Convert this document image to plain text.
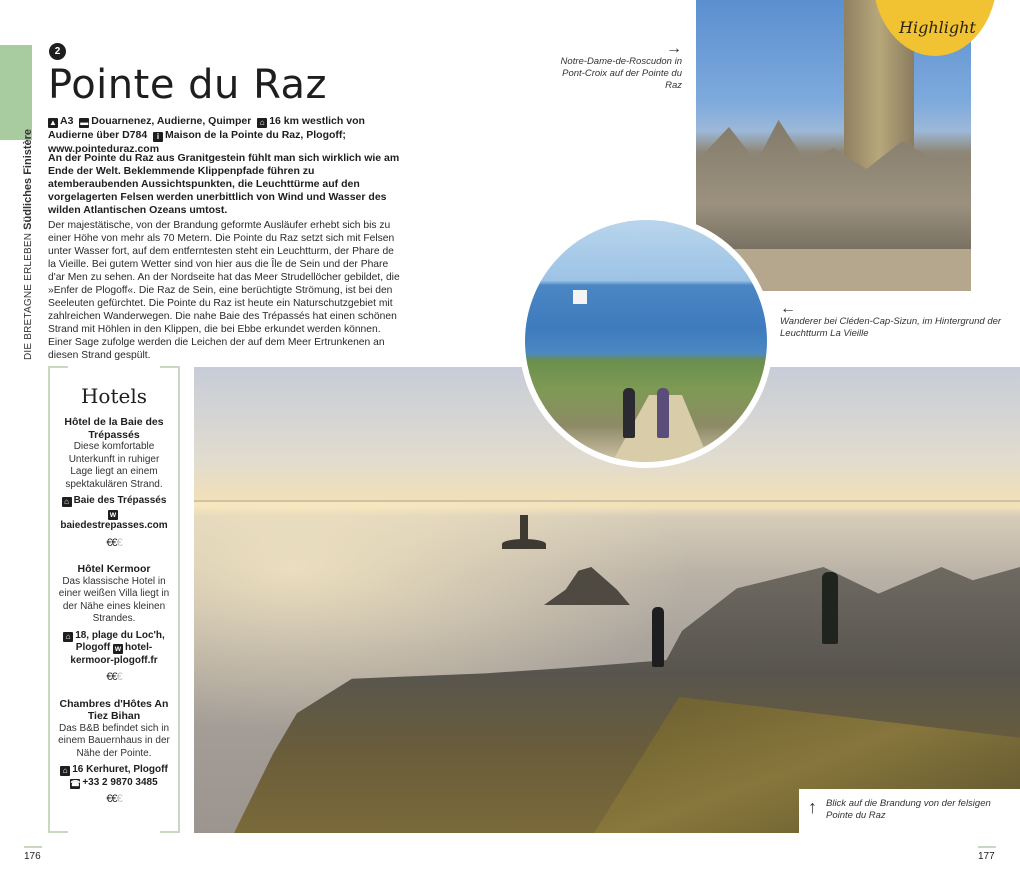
DIE BRETAGNE ERLEBENSüdliches Finistère
2
Pointe du Raz
▲ A3 ▬ Douarnenez, Audierne, Quimper ⌂ 16 km westlich von Audierne über D784 i Maison de la Pointe du Raz, Plogoff; www.pointeduraz.com

An der Pointe du Raz aus Granitgestein fühlt man sich wirklich wie am Ende der Welt. Beklemmende Klippenpfade führen zu atemberaubenden Aussichtspunkten, die Leuchttürme auf den vorgelagerten Felsen werden unerbittlich von Wind und Wasser des wilden Atlantischen Ozeans umtost.

Der majestätische, von der Brandung geformte Ausläufer erhebt sich bis zu einer Höhe von mehr als 70 Metern. Die Pointe du Raz setzt sich mit Felsen unter Wasser fort, auf dem entferntesten steht ein Leuchtturm, der Phare de la Vieille. Bei gutem Wetter sind von hier aus die Île de Sein und der Phare d'ar Men zu sehen. An der Nordseite hat das Meer Strudellöcher gebildet, die »Enfer de Plogoff«. Die Raz de Sein, eine berüchtigte Strömung, ist bei den Seeleuten gefürchtet. Die Pointe du Raz ist heute ein Naturschutzgebiet mit zahlreichen Wanderwegen. Die nahe Baie des Trépassés hat einen schönen Strand mit Höhlen in den Klippen, die bei Ebbe erkundet werden können. Einer Sage zufolge werden die Leichen der auf dem Meer Ertrunkenen an diesen Strand gespült.

Hotels
Hôtel de la Baie des Trépassés
Diese komfortable Unterkunft in ruhiger Lage liegt an einem spektakulären Strand.
⌂ Baie des Trépassés
wbaiedestrepasses.com
€€€
Hôtel Kermoor
Das klassische Hotel in einer weißen Villa liegt in der Nähe eines kleinen Strandes.
⌂ 18, plage du Loc'h, Plogoff w hotel-kermoor-plogoff.fr
€€€
Chambres d'Hôtes An Tiez Bihan
Das B&B befindet sich in einem Bauernhaus in der Nähe der Pointe.
⌂ 16 Kerhuret, Plogoff
☎ +33 2 9870 3485
€€€
Highlight
→
Notre-Dame-de-Roscudon in Pont-Croix auf der Pointe du Raz
←
Wanderer bei Cléden-Cap-Sizun, im Hintergrund der Leuchtturm La Vieille
↑ Blick auf die Brandung von der felsigen Pointe du Raz
176	177
